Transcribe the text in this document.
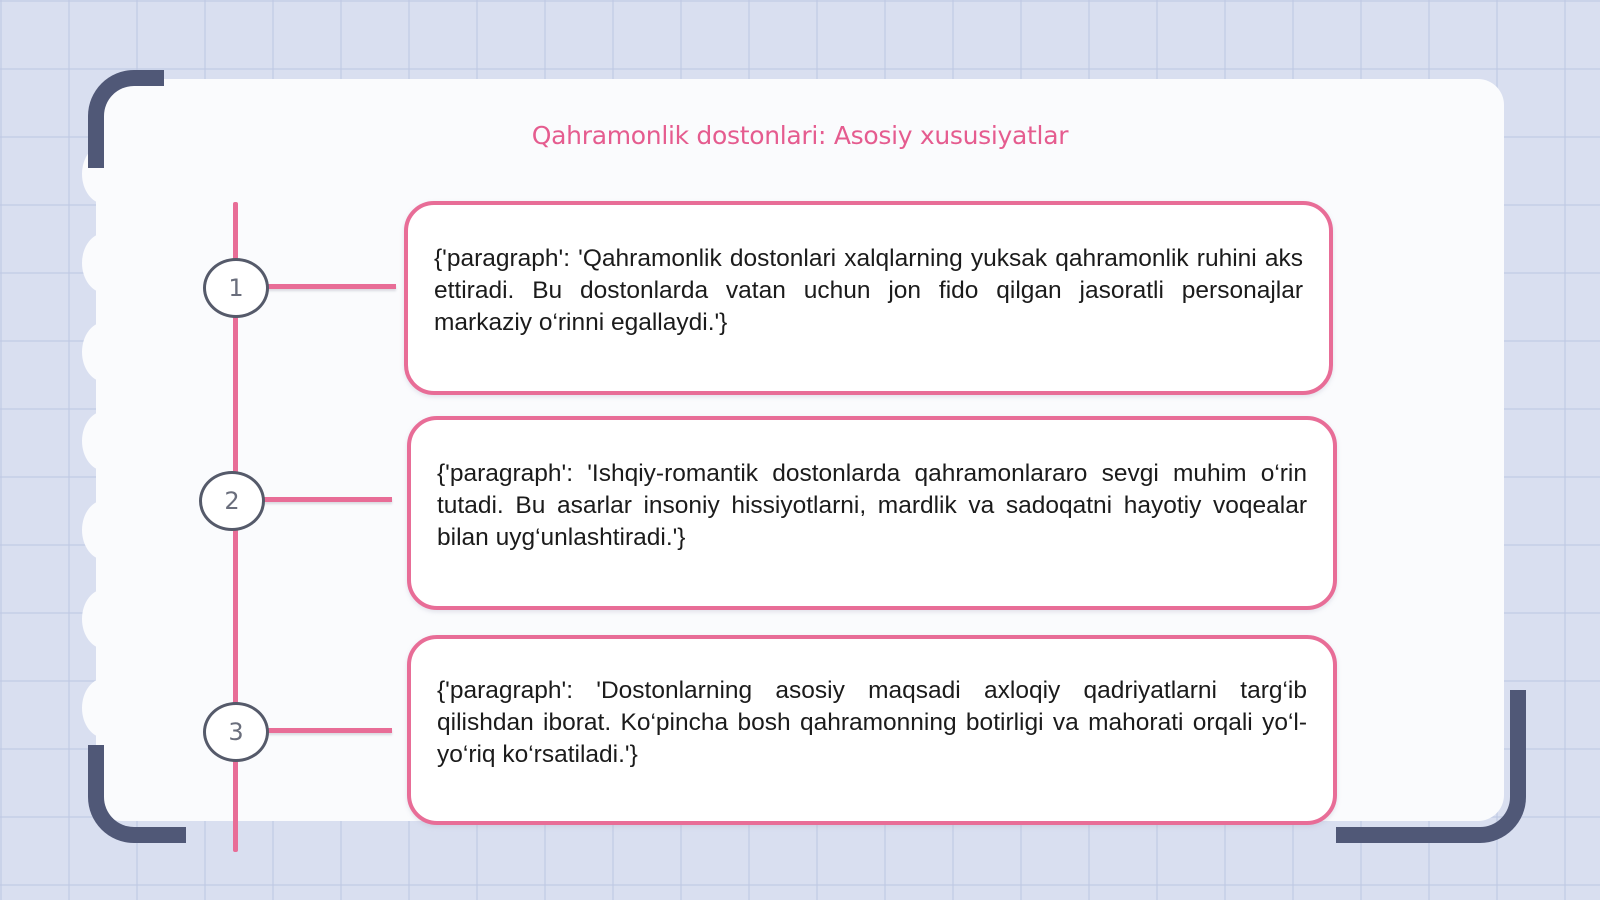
Qahramonlik dostonlari: Asosiy xususiyatlar
1
{'paragraph': 'Qahramonlik dostonlari xalqlarning yuksak qahramonlik ruhini aks ettiradi. Bu dostonlarda vatan uchun jon fido qilgan jasoratli personajlar markaziy o‘rinni egallaydi.'}
2
{'paragraph': 'Ishqiy-romantik dostonlarda qahramonlararo sevgi muhim o‘rin tutadi. Bu asarlar insoniy hissiyotlarni, mardlik va sadoqatni hayotiy voqealar bilan uyg‘unlashtiradi.'}
3
{'paragraph': 'Dostonlarning asosiy maqsadi axloqiy qadriyatlarni targ‘ib qilishdan iborat. Ko‘pincha bosh qahramonning botirligi va mahorati orqali yo‘l-yo‘riq ko‘rsatiladi.'}
